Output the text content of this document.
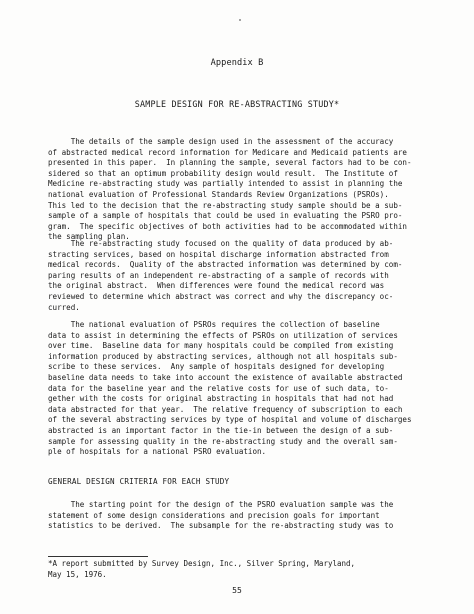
Appendix B
SAMPLE DESIGN FOR RE-ABSTRACTING STUDY*

The details of the sample design used in the assessment of the accuracy
of abstracted medical record information for Medicare and Medicaid patients are
presented in this paper.  In planning the sample, several factors had to be con-
sidered so that an optimum probability design would result.  The Institute of
Medicine re-abstracting study was partially intended to assist in planning the
national evaluation of Professional Standards Review Organizations (PSROs).
This led to the decision that the re-abstracting study sample should be a sub-
sample of a sample of hospitals that could be used in evaluating the PSRO pro-
gram.  The specific objectives of both activities had to be accommodated within
the sampling plan.

The re-abstracting study focused on the quality of data produced by ab-
stracting services, based on hospital discharge information abstracted from
medical records.  Quality of the abstracted information was determined by com-
paring results of an independent re-abstracting of a sample of records with
the original abstract.  When differences were found the medical record was
reviewed to determine which abstract was correct and why the discrepancy oc-
curred.

The national evaluation of PSROs requires the collection of baseline
data to assist in determining the effects of PSROs on utilization of services
over time.  Baseline data for many hospitals could be compiled from existing
information produced by abstracting services, although not all hospitals sub-
scribe to these services.  Any sample of hospitals designed for developing
baseline data needs to take into account the existence of available abstracted
data for the baseline year and the relative costs for use of such data, to-
gether with the costs for original abstracting in hospitals that had not had
data abstracted for that year.  The relative frequency of subscription to each
of the several abstracting services by type of hospital and volume of discharges
abstracted is an important factor in the tie-in between the design of a sub-
sample for assessing quality in the re-abstracting study and the overall sam-
ple of hospitals for a national PSRO evaluation.

GENERAL DESIGN CRITERIA FOR EACH STUDY

The starting point for the design of the PSRO evaluation sample was the
statement of some design considerations and precision goals for important
statistics to be derived.  The subsample for the re-abstracting study was to

*A report submitted by Survey Design, Inc., Silver Spring, Maryland,
May 15, 1976.
55
